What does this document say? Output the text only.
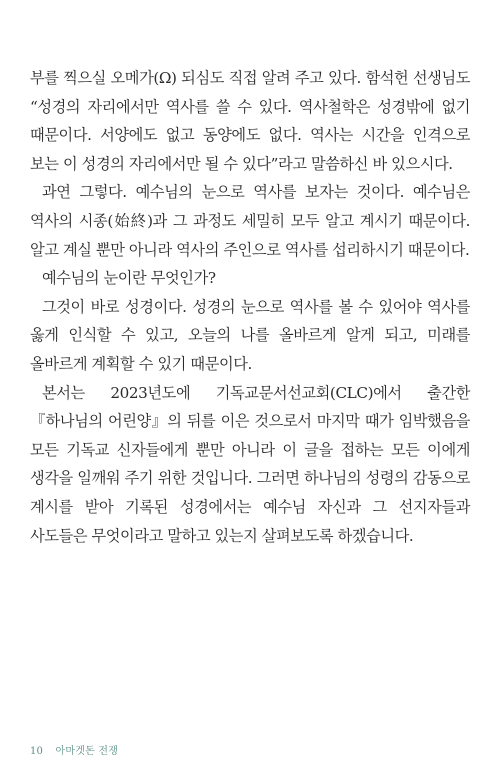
부를 찍으실 오메가(Ω) 되심도 직접 알려 주고 있다. 함석헌 선생님도 “성경의 자리에서만 역사를 쓸 수 있다. 역사철학은 성경밖에 없기 때문이다. 서양에도 없고 동양에도 없다. 역사는 시간을 인격으로 보는 이 성경의 자리에서만 될 수 있다”라고 말씀하신 바 있으시다.

과연 그렇다. 예수님의 눈으로 역사를 보자는 것이다. 예수님은 역사의 시종(始終)과 그 과정도 세밀히 모두 알고 계시기 때문이다. 알고 계실 뿐만 아니라 역사의 주인으로 역사를 섭리하시기 때문이다.

예수님의 눈이란 무엇인가?

그것이 바로 성경이다. 성경의 눈으로 역사를 볼 수 있어야 역사를 옳게 인식할 수 있고, 오늘의 나를 올바르게 알게 되고, 미래를 올바르게 계획할 수 있기 때문이다.

본서는 2023년도에 기독교문서선교회(CLC)에서 출간한 『하나님의 어린양』의 뒤를 이은 것으로서 마지막 때가 임박했음을 모든 기독교 신자들에게 뿐만 아니라 이 글을 접하는 모든 이에게 생각을 일깨워 주기 위한 것입니다. 그러면 하나님의 성령의 감동으로 계시를 받아 기록된 성경에서는 예수님 자신과 그 선지자들과 사도들은 무엇이라고 말하고 있는지 살펴보도록 하겠습니다.

10 아마겟돈 전쟁
